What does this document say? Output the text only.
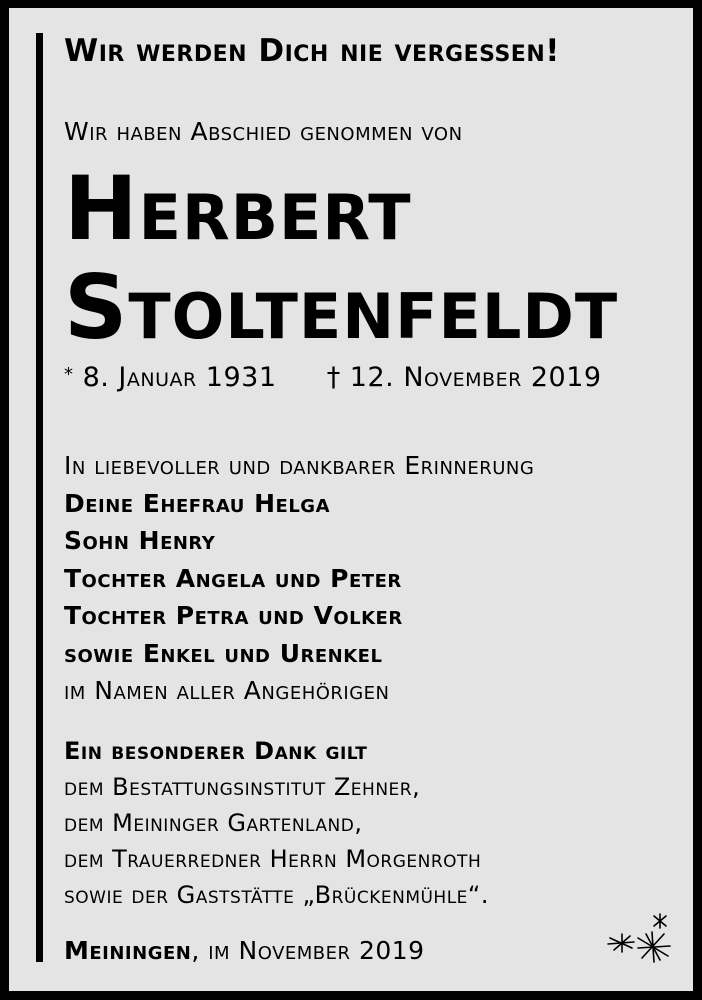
Wir werden Dich nie vergessen!
Wir haben Abschied genommen von
Herbert
Stoltenfeldt
* 8. Januar 1931 † 12. November 2019
In liebevoller und dankbarer Erinnerung
Deine Ehefrau Helga
Sohn Henry
Tochter Angela und Peter
Tochter Petra und Volker
sowie Enkel und Urenkel
im Namen aller Angehörigen
Ein besonderer Dank gilt
dem Bestattungsinstitut Zehner,
dem Meininger Gartenland,
dem Trauerredner Herrn Morgenroth
sowie der Gaststätte „Brückenmühle“.
Meiningen, im November 2019
